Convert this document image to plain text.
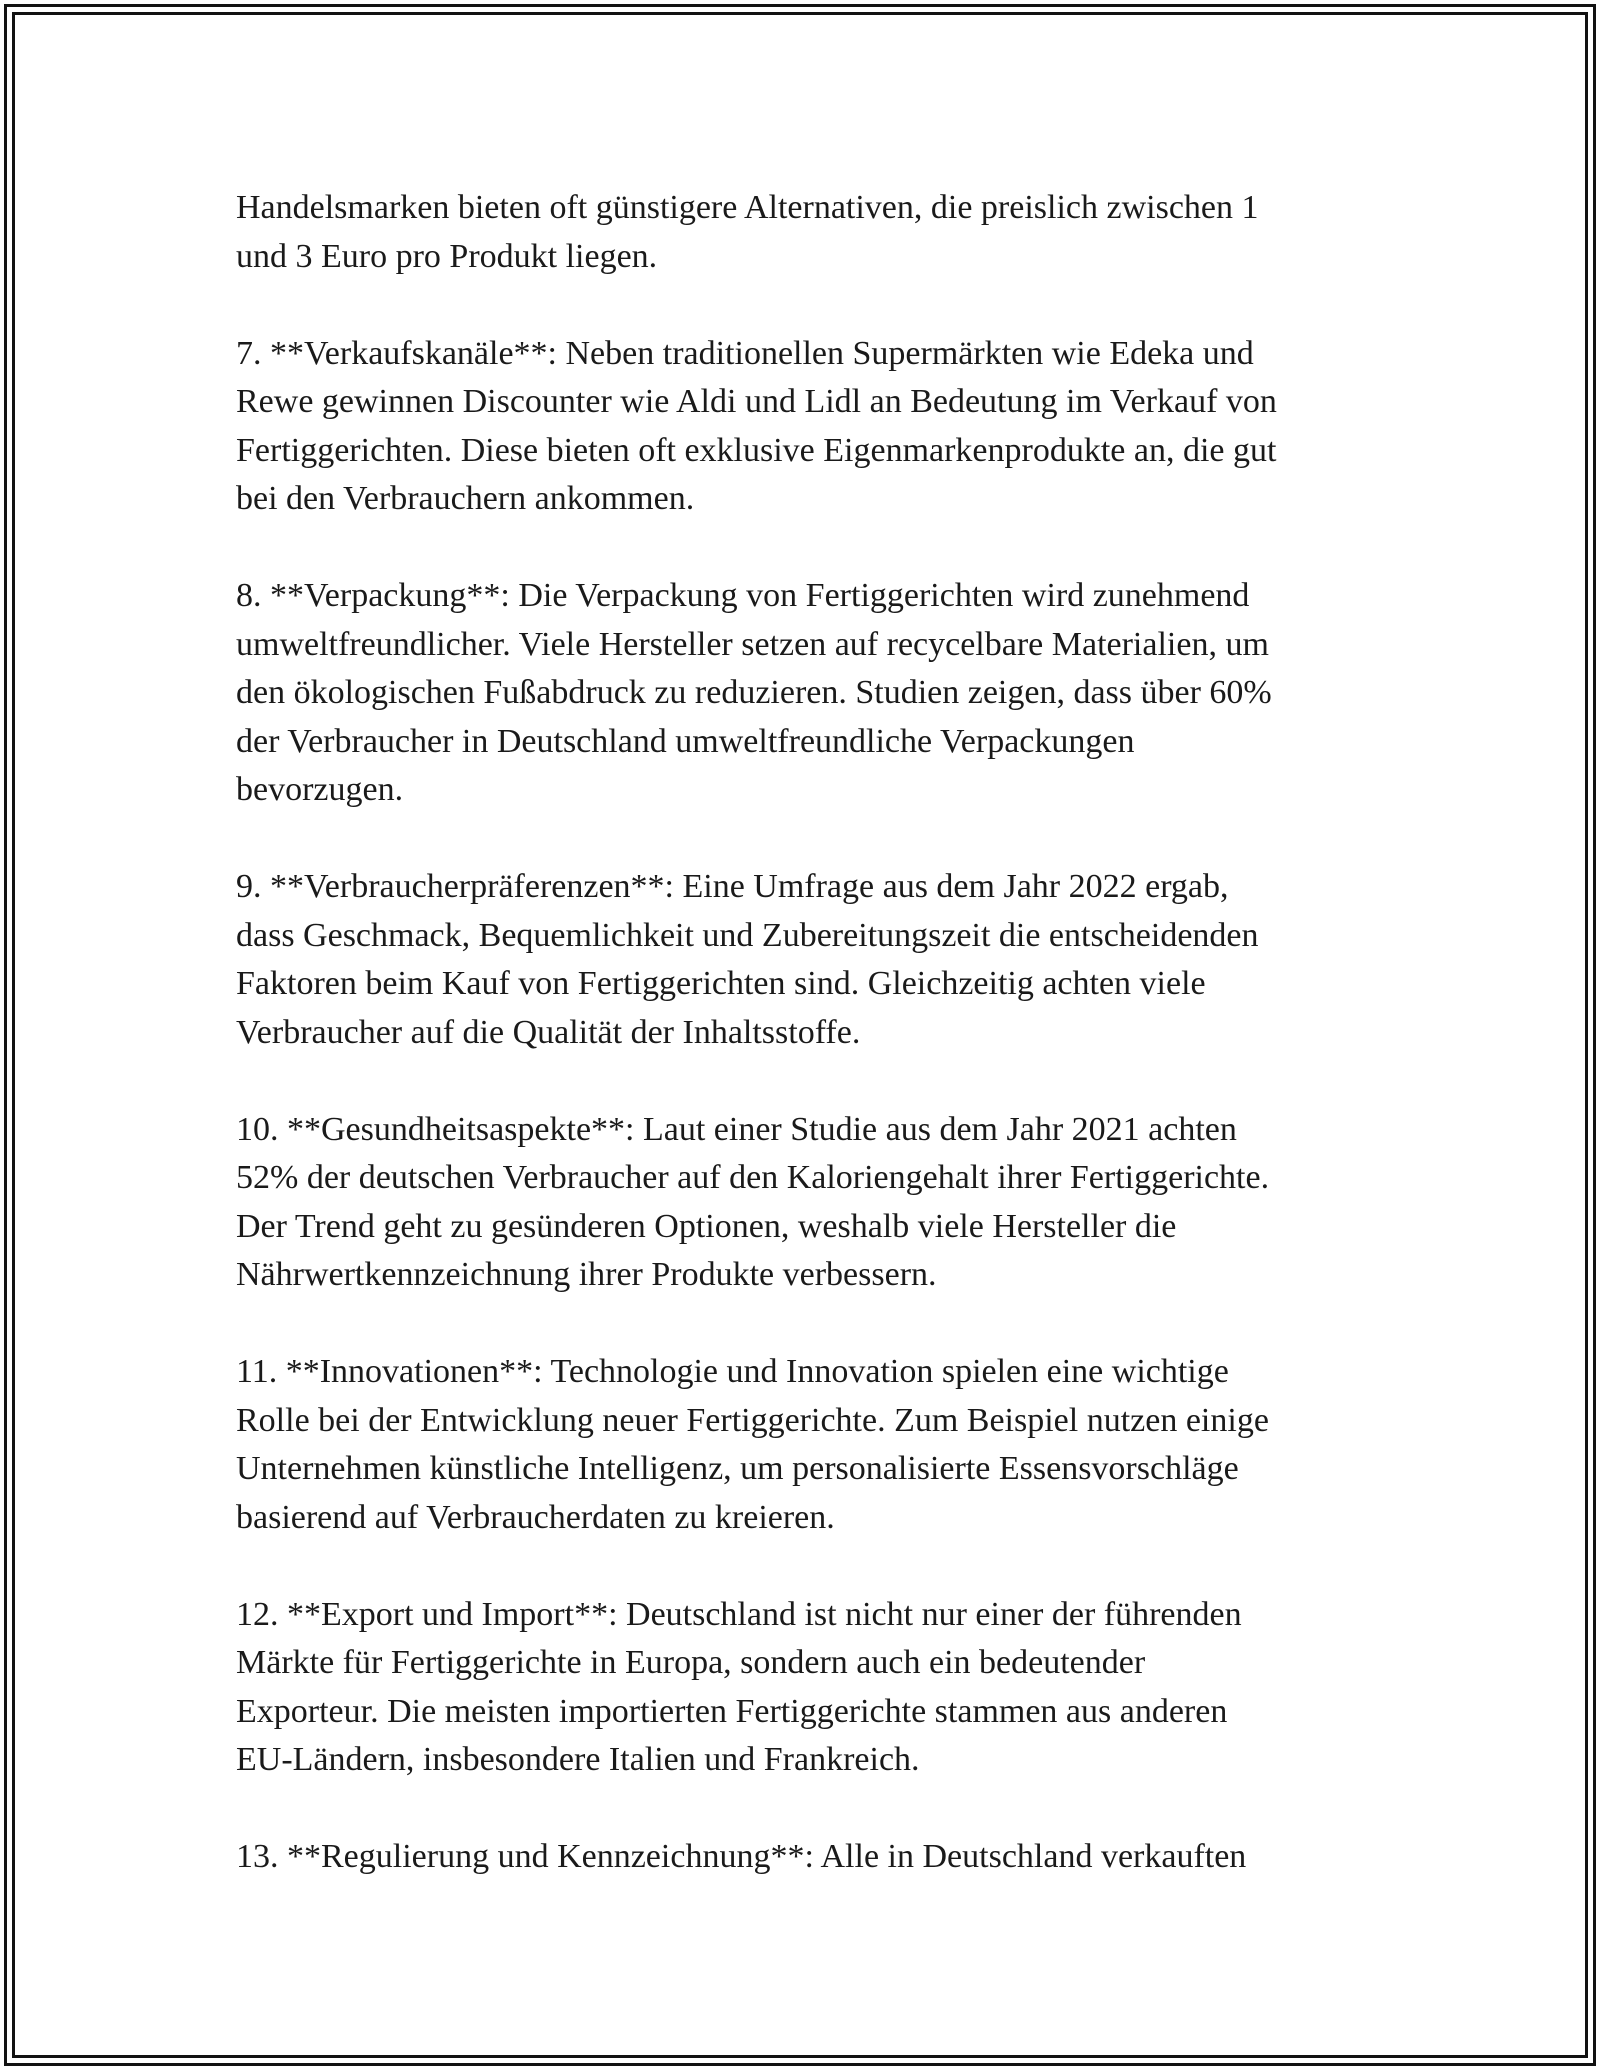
Handelsmarken bieten oft günstigere Alternativen, die preislich zwischen 1
und 3 Euro pro Produkt liegen.

7. **Verkaufskanäle**: Neben traditionellen Supermärkten wie Edeka und
Rewe gewinnen Discounter wie Aldi und Lidl an Bedeutung im Verkauf von
Fertiggerichten. Diese bieten oft exklusive Eigenmarkenprodukte an, die gut
bei den Verbrauchern ankommen.

8. **Verpackung**: Die Verpackung von Fertiggerichten wird zunehmend
umweltfreundlicher. Viele Hersteller setzen auf recycelbare Materialien, um
den ökologischen Fußabdruck zu reduzieren. Studien zeigen, dass über 60%
der Verbraucher in Deutschland umweltfreundliche Verpackungen
bevorzugen.

9. **Verbraucherpräferenzen**: Eine Umfrage aus dem Jahr 2022 ergab,
dass Geschmack, Bequemlichkeit und Zubereitungszeit die entscheidenden
Faktoren beim Kauf von Fertiggerichten sind. Gleichzeitig achten viele
Verbraucher auf die Qualität der Inhaltsstoffe.

10. **Gesundheitsaspekte**: Laut einer Studie aus dem Jahr 2021 achten
52% der deutschen Verbraucher auf den Kaloriengehalt ihrer Fertiggerichte.
Der Trend geht zu gesünderen Optionen, weshalb viele Hersteller die
Nährwertkennzeichnung ihrer Produkte verbessern.

11. **Innovationen**: Technologie und Innovation spielen eine wichtige
Rolle bei der Entwicklung neuer Fertiggerichte. Zum Beispiel nutzen einige
Unternehmen künstliche Intelligenz, um personalisierte Essensvorschläge
basierend auf Verbraucherdaten zu kreieren.

12. **Export und Import**: Deutschland ist nicht nur einer der führenden
Märkte für Fertiggerichte in Europa, sondern auch ein bedeutender
Exporteur. Die meisten importierten Fertiggerichte stammen aus anderen
EU-Ländern, insbesondere Italien und Frankreich.

13. **Regulierung und Kennzeichnung**: Alle in Deutschland verkauften
